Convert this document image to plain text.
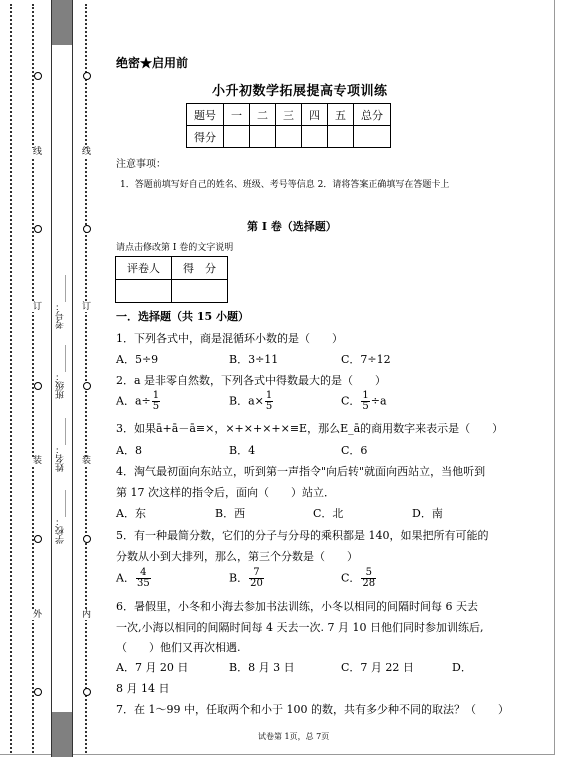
线
订
装
外
线
订
装
内
考号：______
班级：______
姓名：______
学校：______
绝密★启用前
小升初数学拓展提高专项训练
题号	一	二	三	四	五	总分
得分						
注意事项：
1．答题前填写好自己的姓名、班级、考号等信息 2．请将答案正确填写在答题卡上
第 I 卷（选择题）
请点击修改第 I 卷的文字说明
评卷人	得　分

一．选择题（共 15 小题）
1．下列各式中，商是混循环小数的是（　　）
A．5÷9	B．3÷11	C．7÷12
2．a 是非零自然数，下列各式中得数最大的是（　　）
A．$a\div \frac{1}{5}$	B．$a\times \frac{1}{5}$	C． $\frac{1}{5} \div a$
3．如果ā+ā－ā≡×，×+×+×+×≡E，那么E_ā的商用数字来表示是（　　）
A．8	B．4	C．6
4．淘气最初面向东站立，听到第一声指令"向后转"就面向西站立，当他听到
第 17 次这样的指令后，面向（　　）站立．
A．东	B．西	C．北	D．南
5．有一种最简分数，它们的分子与分母的乘积都是 140，如果把所有可能的
分数从小到大排列，那么，第三个分数是（　　）
A． $\frac{4}{35}$	B． $\frac{7}{20}$	C． $\frac{5}{28}$
6．暑假里，小冬和小海去参加书法训练，小冬以相同的间隔时间每 6 天去
一次,小海以相同的间隔时间每 4 天去一次. 7 月 10 日他们同时参加训练后,
（　　）他们又再次相遇.
A．7 月 20 日	B．8 月 3 日	C．7 月 22 日	D．
8 月 14 日
7．在 1～99 中，任取两个和小于 100 的数，共有多少种不同的取法？（　　）
试卷第 1页，总 7页
